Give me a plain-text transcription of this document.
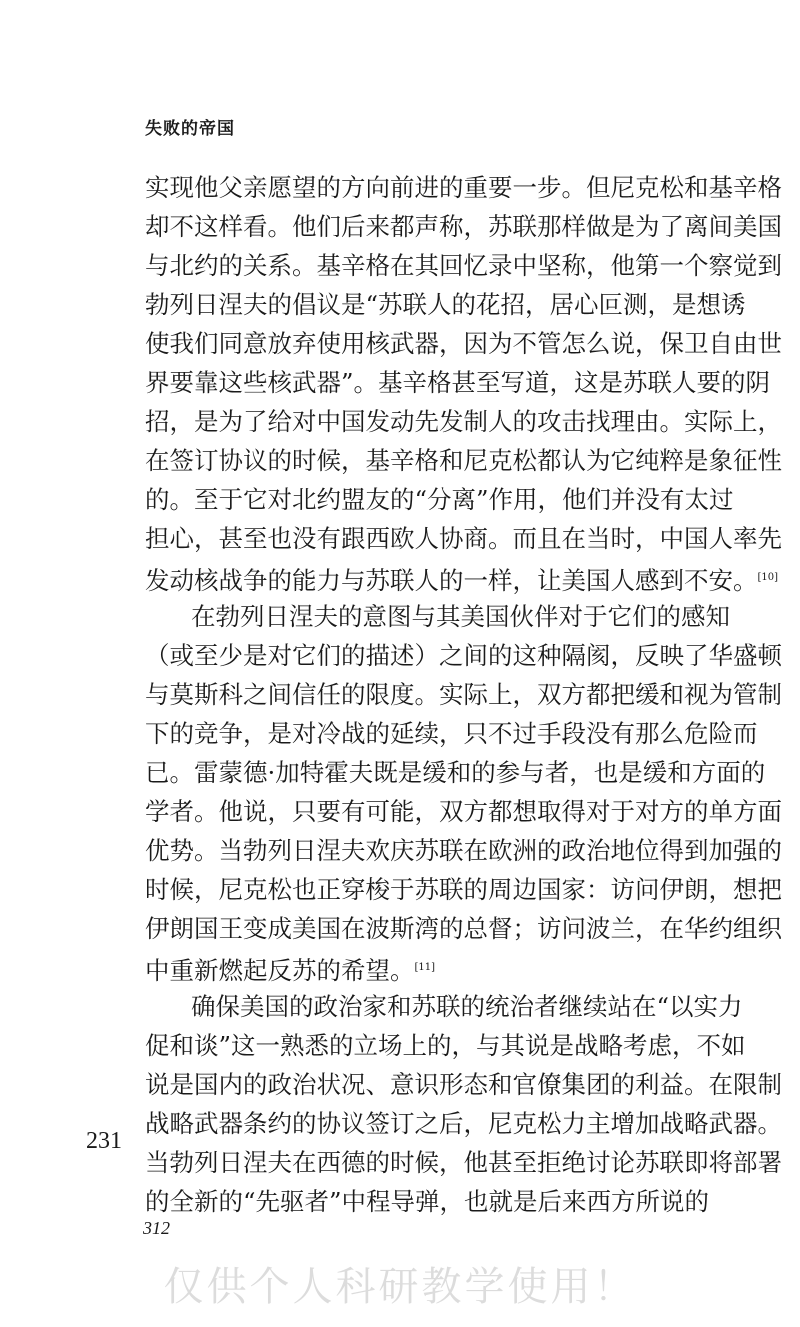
失败的帝国
实现他父亲愿望的方向前进的重要一步。但尼克松和基辛格
却不这样看。他们后来都声称，苏联那样做是为了离间美国
与北约的关系。基辛格在其回忆录中坚称，他第一个察觉到
勃列日涅夫的倡议是“苏联人的花招，居心叵测，是想诱
使我们同意放弃使用核武器，因为不管怎么说，保卫自由世
界要靠这些核武器”。基辛格甚至写道，这是苏联人要的阴
招，是为了给对中国发动先发制人的攻击找理由。实际上，
在签订协议的时候，基辛格和尼克松都认为它纯粹是象征性
的。至于它对北约盟友的“分离”作用，他们并没有太过
担心，甚至也没有跟西欧人协商。而且在当时，中国人率先
发动核战争的能力与苏联人的一样，让美国人感到不安。[10]
在勃列日涅夫的意图与其美国伙伴对于它们的感知
（或至少是对它们的描述）之间的这种隔阂，反映了华盛顿
与莫斯科之间信任的限度。实际上，双方都把缓和视为管制
下的竞争，是对冷战的延续，只不过手段没有那么危险而
已。雷蒙德·加特霍夫既是缓和的参与者，也是缓和方面的
学者。他说，只要有可能，双方都想取得对于对方的单方面
优势。当勃列日涅夫欢庆苏联在欧洲的政治地位得到加强的
时候，尼克松也正穿梭于苏联的周边国家：访问伊朗，想把
伊朗国王变成美国在波斯湾的总督；访问波兰，在华约组织
中重新燃起反苏的希望。[11]
确保美国的政治家和苏联的统治者继续站在“以实力
促和谈”这一熟悉的立场上的，与其说是战略考虑，不如
说是国内的政治状况、意识形态和官僚集团的利益。在限制
战略武器条约的协议签订之后，尼克松力主增加战略武器。
当勃列日涅夫在西德的时候，他甚至拒绝讨论苏联即将部署
的全新的“先驱者”中程导弹，也就是后来西方所说的
231
312
仅供个人科研教学使用！
